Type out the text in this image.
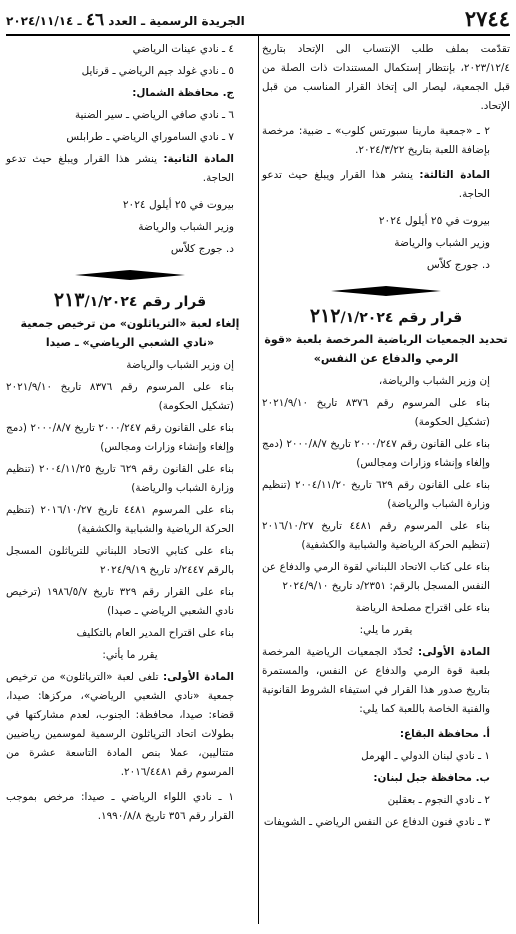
٢٧٤٤
الجريدة الرسمية ـ العدد ٤٦ ـ ٢٠٢٤/١١/١٤

تقدّمت بملف طلب الإنتساب الى الإتحاد بتاريخ ٢٠٢٣/١٢/٤، بإنتظار إستكمال المستندات ذات الصلة من قبل الجمعية، ليصار الى إتخاذ القرار المناسب من قبل الإتحاد.

٢ ـ «جمعية مارينا سبورتس كلوب» ـ ضبية: مرخصة بإضافة اللعبة بتاريخ ٢٠٢٤/٣/٢٢.

المادة الثالثة: ينشر هذا القرار ويبلغ حيث تدعو الحاجة.

بيروت في ٢٥ أيلول ٢٠٢٤
وزير الشباب والرياضة
د. جورج كلاّس
قرار رقم ٢١٢/١/٢٠٢٤
تحديد الجمعيات الرياضية المرخصة بلعبة «قوة الرمي والدفاع عن النفس»

إن وزير الشباب والرياضة،

بناء على المرسوم رقم ٨٣٧٦ تاريخ ٢٠٢١/٩/١٠ (تشكيل الحكومة)

بناء على القانون رقم ٢٠٠٠/٢٤٧ تاريخ ٢٠٠٠/٨/٧ (دمج وإلغاء وإنشاء وزارات ومجالس)

بناء على القانون رقم ٦٢٩ تاريخ ٢٠٠٤/١١/٢٠ (تنظيم وزارة الشباب والرياضة)

بناء على المرسوم رقم ٤٤٨١ تاريخ ٢٠١٦/١٠/٢٧ (تنظيم الحركة الرياضية والشبابية والكشفية)

بناء على كتاب الاتحاد اللبناني لقوة الرمي والدفاع عن النفس المسجل بالرقم: ٢٣٥١/د تاريخ ٢٠٢٤/٩/١٠

بناء على اقتراح مصلحة الرياضة

يقرر ما يلي:

المادة الأولى: تُحدّد الجمعيات الرياضية المرخصة بلعبة قوة الرمي والدفاع عن النفس، والمستمرة بتاريخ صدور هذا القرار في استيفاء الشروط القانونية والفنية الخاصة باللعبة كما يلي:

أ. محافظة البقاع:

١ ـ نادي لبنان الدولي ـ الهرمل

ب. محافظة جبل لبنان:

٢ ـ نادي النجوم ـ بعقلين

٣ ـ نادي فنون الدفاع عن النفس الرياضي ـ الشويفات

٤ ـ نادي عينات الرياضي

٥ ـ نادي غولد جيم الرياضي ـ قرنايل

ج. محافظة الشمال:

٦ ـ نادي صافي الرياضي ـ سير الضنية

٧ ـ نادي الساموراي الرياضي ـ طرابلس

المادة الثانية: ينشر هذا القرار ويبلغ حيث تدعو الحاجة.

بيروت في ٢٥ أيلول ٢٠٢٤
وزير الشباب والرياضة
د. جورج كلاّس
قرار رقم ٢١٣/١/٢٠٢٤
إلغاء لعبة «الترياثلون» من ترخيص جمعية «نادي الشعبي الرياضي» ـ صيدا

إن وزير الشباب والرياضة

بناء على المرسوم رقم ٨٣٧٦ تاريخ ٢٠٢١/٩/١٠ (تشكيل الحكومة)

بناء على القانون رقم ٢٠٠٠/٢٤٧ تاريخ ٢٠٠٠/٨/٧ (دمج وإلغاء وإنشاء وزارات ومجالس)

بناء على القانون رقم ٦٢٩ تاريخ ٢٠٠٤/١١/٢٥ (تنظيم وزارة الشباب والرياضة)

بناء على المرسوم ٤٤٨١ تاريخ ٢٠١٦/١٠/٢٧ (تنظيم الحركة الرياضية والشبابية والكشفية)

بناء على كتابي الاتحاد اللبناني للترياثلون المسجل بالرقم ٢٤٤٧/د تاريخ ٢٠٢٤/٩/١٩

بناء على القرار رقم ٣٢٩ تاريخ ١٩٨٦/٥/٧ (ترخيص نادي الشعبي الرياضي ـ صيدا)

بناء على اقتراح المدير العام بالتكليف

يقرر ما يأتي:

المادة الأولى: تلغى لعبة «الترياثلون» من ترخيص جمعية «نادي الشعبي الرياضي»، مركزها: صيدا، قضاء: صيدا، محافظة: الجنوب، لعدم مشاركتها في بطولات اتحاد الترياثلون الرسمية لموسمين رياضيين متتاليين، عملا بنص المادة التاسعة عشرة من المرسوم رقم ٢٠١٦/٤٤٨١.

١ ـ نادي اللواء الرياضي ـ صيدا: مرخص بموجب القرار رقم ٣٥٦ تاريخ ١٩٩٠/٨/٨.
